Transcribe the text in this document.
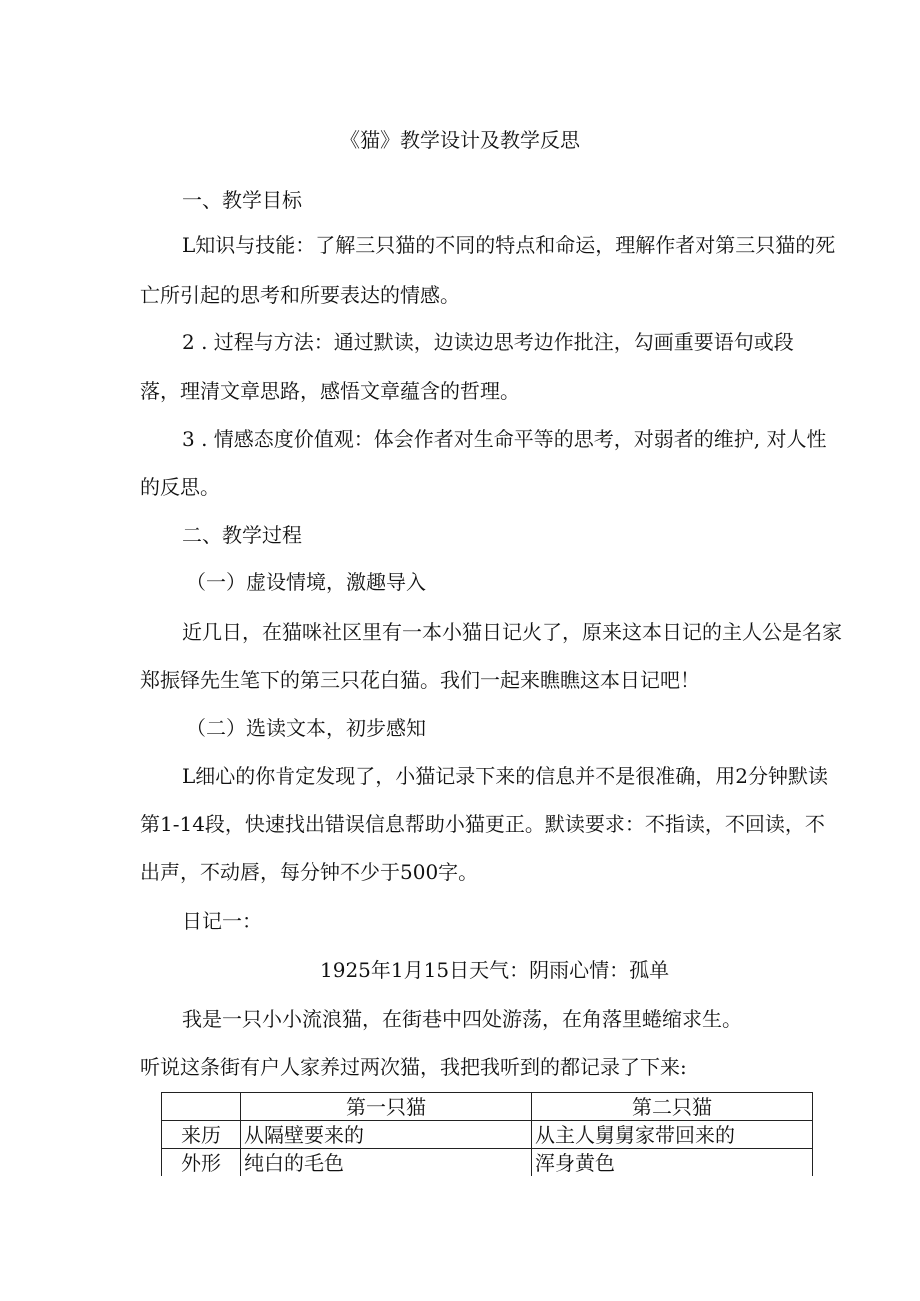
《猫》教学设计及教学反思
一、教学目标
L知识与技能：了解三只猫的不同的特点和命运，理解作者对第三只猫的死
亡所引起的思考和所要表达的情感。
2 . 过程与方法：通过默读，边读边思考边作批注，勾画重要语句或段
落，理清文章思路，感悟文章蕴含的哲理。
3 . 情感态度价值观：体会作者对生命平等的思考，对弱者的维护, 对人性
的反思。
二、教学过程
（一）虚设情境，激趣导入
近几日，在猫咪社区里有一本小猫日记火了，原来这本日记的主人公是名家
郑振铎先生笔下的第三只花白猫。我们一起来瞧瞧这本日记吧！
（二）选读文本，初步感知
L细心的你肯定发现了，小猫记录下来的信息并不是很准确，用2分钟默读
第1-14段，快速找出错误信息帮助小猫更正。默读要求：不指读，不回读，不
出声，不动唇，每分钟不少于500字。
日记一：
1925年1月15日天气：阴雨心情：孤单
我是一只小小流浪猫，在街巷中四处游荡，在角落里蜷缩求生。
听说这条街有户人家养过两次猫，我把我听到的都记录了下来:
	第一只猫	第二只猫
来历	从隔壁要来的	从主人舅舅家带回来的
外形	纯白的毛色	浑身黄色
